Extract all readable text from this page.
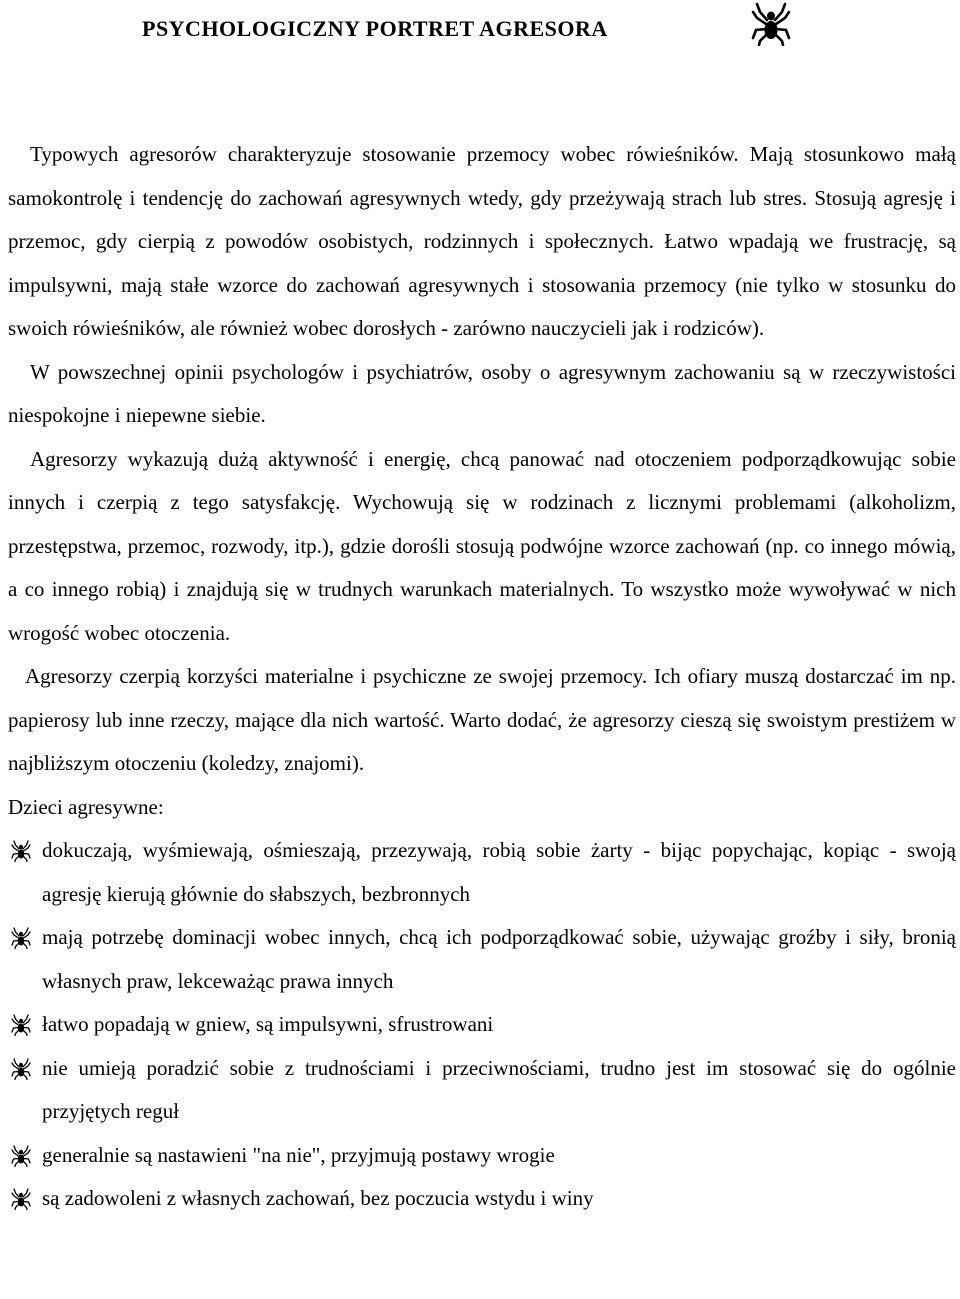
PSYCHOLOGICZNY PORTRET AGRESORA

Typowych agresorów charakteryzuje stosowanie przemocy wobec rówieśników. Mają stosunkowo małą samokontrolę i tendencję do zachowań agresywnych wtedy, gdy przeżywają strach lub stres. Stosują agresję i przemoc, gdy cierpią z powodów osobistych, rodzinnych i społecznych. Łatwo wpadają we frustrację, są impulsywni, mają stałe wzorce do zachowań agresywnych i stosowania przemocy (nie tylko w stosunku do swoich rówieśników, ale również wobec dorosłych - zarówno nauczycieli jak i rodziców).

W powszechnej opinii psychologów i psychiatrów, osoby o agresywnym zachowaniu są w rzeczywistości niespokojne i niepewne siebie.

Agresorzy wykazują dużą aktywność i energię, chcą panować nad otoczeniem podporządkowując sobie innych i czerpią z tego satysfakcję. Wychowują się w rodzinach z licznymi problemami (alkoholizm, przestępstwa, przemoc, rozwody, itp.), gdzie dorośli stosują podwójne wzorce zachowań (np. co innego mówią, a co innego robią) i znajdują się w trudnych warunkach materialnych. To wszystko może wywoływać w nich wrogość wobec otoczenia.

Agresorzy czerpią korzyści materialne i psychiczne ze swojej przemocy. Ich ofiary muszą dostarczać im np. papierosy lub inne rzeczy, mające dla nich wartość. Warto dodać, że agresorzy cieszą się swoistym prestiżem w najbliższym otoczeniu (koledzy, znajomi).

Dzieci agresywne:

dokuczają, wyśmiewają, ośmieszają, przezywają, robią sobie żarty - bijąc popychając, kopiąc - swoją agresję kierują głównie do słabszych, bezbronnych
mają potrzebę dominacji wobec innych, chcą ich podporządkować sobie, używając groźby i siły, bronią własnych praw, lekceważąc prawa innych
łatwo popadają w gniew, są impulsywni, sfrustrowani
nie umieją poradzić sobie z trudnościami i przeciwnościami, trudno jest im stosować się do ogólnie przyjętych reguł
generalnie są nastawieni "na nie", przyjmują postawy wrogie
są zadowoleni z własnych zachowań, bez poczucia wstydu i winy
